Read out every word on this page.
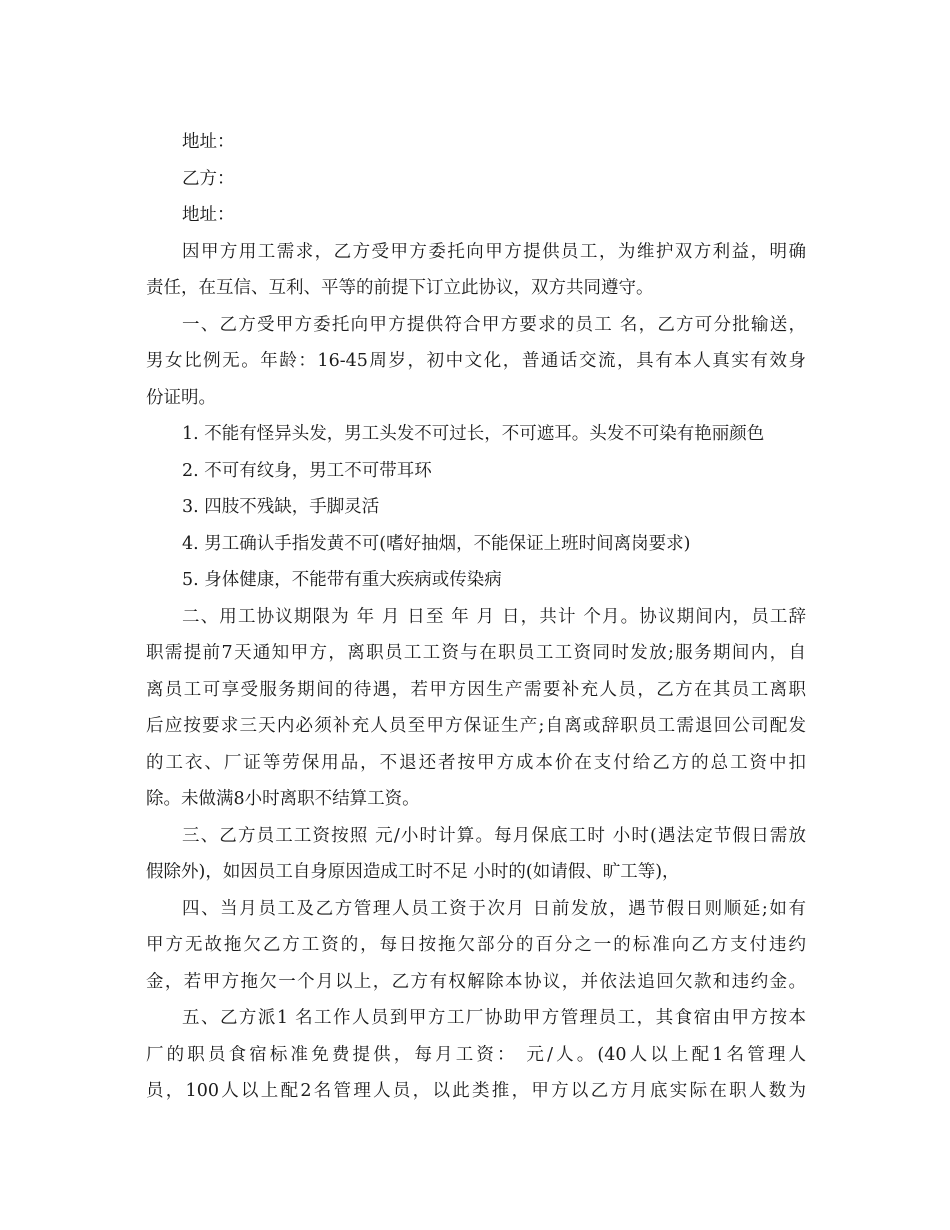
地址：
乙方：
地址：
因甲方用工需求，乙方受甲方委托向甲方提供员工，为维护双方利益，明确
责任，在互信、互利、平等的前提下订立此协议，双方共同遵守。
一、乙方受甲方委托向甲方提供符合甲方要求的员工 名，乙方可分批输送，
男女比例无。年龄：16-45周岁，初中文化，普通话交流，具有本人真实有效身
份证明。
1. 不能有怪异头发，男工头发不可过长，不可遮耳。头发不可染有艳丽颜色
2. 不可有纹身，男工不可带耳环
3. 四肢不残缺，手脚灵活
4. 男工确认手指发黄不可(嗜好抽烟，不能保证上班时间离岗要求)
5. 身体健康，不能带有重大疾病或传染病
二、用工协议期限为 年 月 日至 年 月 日，共计 个月。协议期间内，员工辞
职需提前7天通知甲方，离职员工工资与在职员工工资同时发放;服务期间内，自
离员工可享受服务期间的待遇，若甲方因生产需要补充人员，乙方在其员工离职
后应按要求三天内必须补充人员至甲方保证生产;自离或辞职员工需退回公司配发
的工衣、厂证等劳保用品，不退还者按甲方成本价在支付给乙方的总工资中扣
除。未做满8小时离职不结算工资。
三、乙方员工工资按照 元/小时计算。每月保底工时 小时(遇法定节假日需放
假除外)，如因员工自身原因造成工时不足 小时的(如请假、旷工等)，
四、当月员工及乙方管理人员工资于次月 日前发放，遇节假日则顺延;如有
甲方无故拖欠乙方工资的，每日按拖欠部分的百分之一的标准向乙方支付违约
金，若甲方拖欠一个月以上，乙方有权解除本协议，并依法追回欠款和违约金。
五、乙方派1 名工作人员到甲方工厂协助甲方管理员工，其食宿由甲方按本
厂的职员食宿标准免费提供，每月工资： 元/人。(40人以上配1名管理人
员，100人以上配2名管理人员，以此类推，甲方以乙方月底实际在职人数为
